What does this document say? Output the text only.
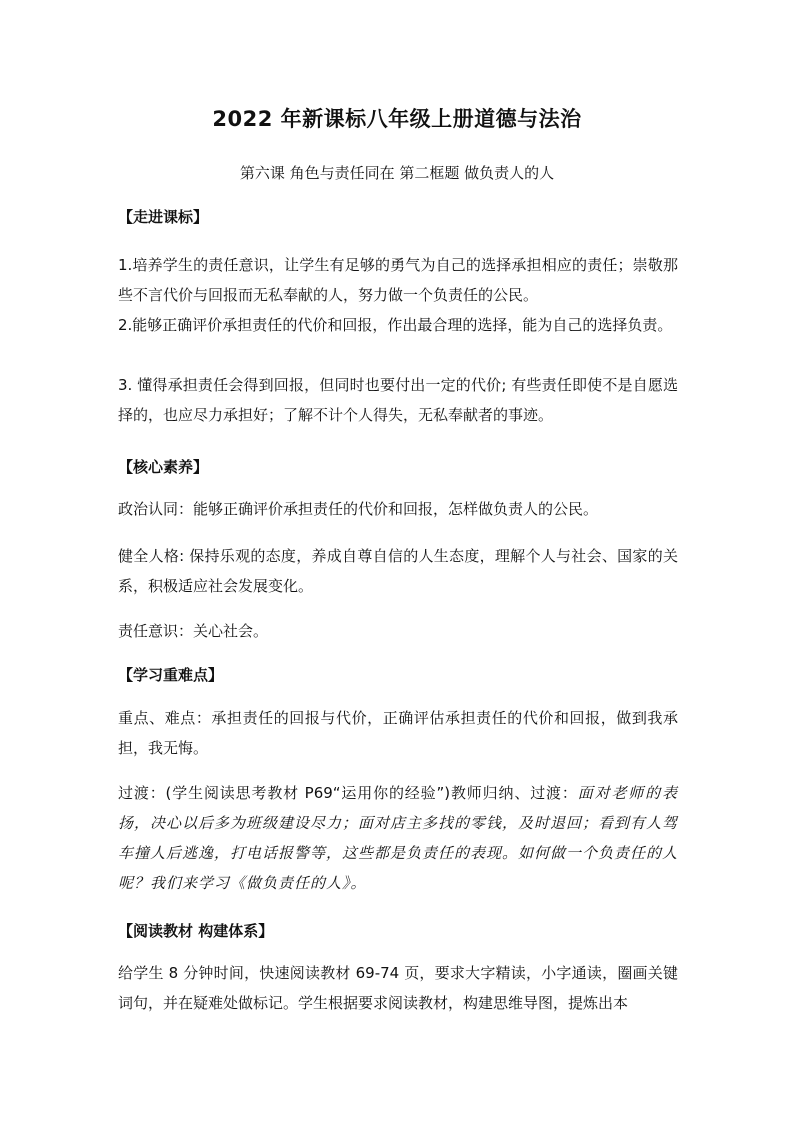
2022 年新课标八年级上册道德与法治
第六课 角色与责任同在 第二框题 做负责人的人
【走进课标】

1.培养学生的责任意识，让学生有足够的勇气为自己的选择承担相应的责任；崇敬那些不言代价与回报而无私奉献的人，努力做一个负责任的公民。

2.能够正确评价承担责任的代价和回报，作出最合理的选择，能为自己的选择负责。

3. 懂得承担责任会得到回报，但同时也要付出一定的代价; 有些责任即使不是自愿选择的，也应尽力承担好；了解不计个人得失，无私奉献者的事迹。

【核心素养】

政治认同：能够正确评价承担责任的代价和回报，怎样做负责人的公民。

健全人格: 保持乐观的态度，养成自尊自信的人生态度，理解个人与社会、国家的关系，积极适应社会发展变化。

责任意识：关心社会。

【学习重难点】

重点、难点：承担责任的回报与代价，正确评估承担责任的代价和回报，做到我承担，我无悔。

过渡：(学生阅读思考教材 P69“运用你的经验”)教师归纳、过渡：面对老师的表扬，决心以后多为班级建设尽力；面对店主多找的零钱，及时退回；看到有人驾车撞人后逃逸，打电话报警等，这些都是负责任的表现。如何做一个负责任的人呢？我们来学习《做负责任的人》。

【阅读教材 构建体系】

给学生 8 分钟时间，快速阅读教材 69-74 页，要求大字精读，小字通读，圈画关键词句，并在疑难处做标记。学生根据要求阅读教材，构建思维导图，提炼出本
